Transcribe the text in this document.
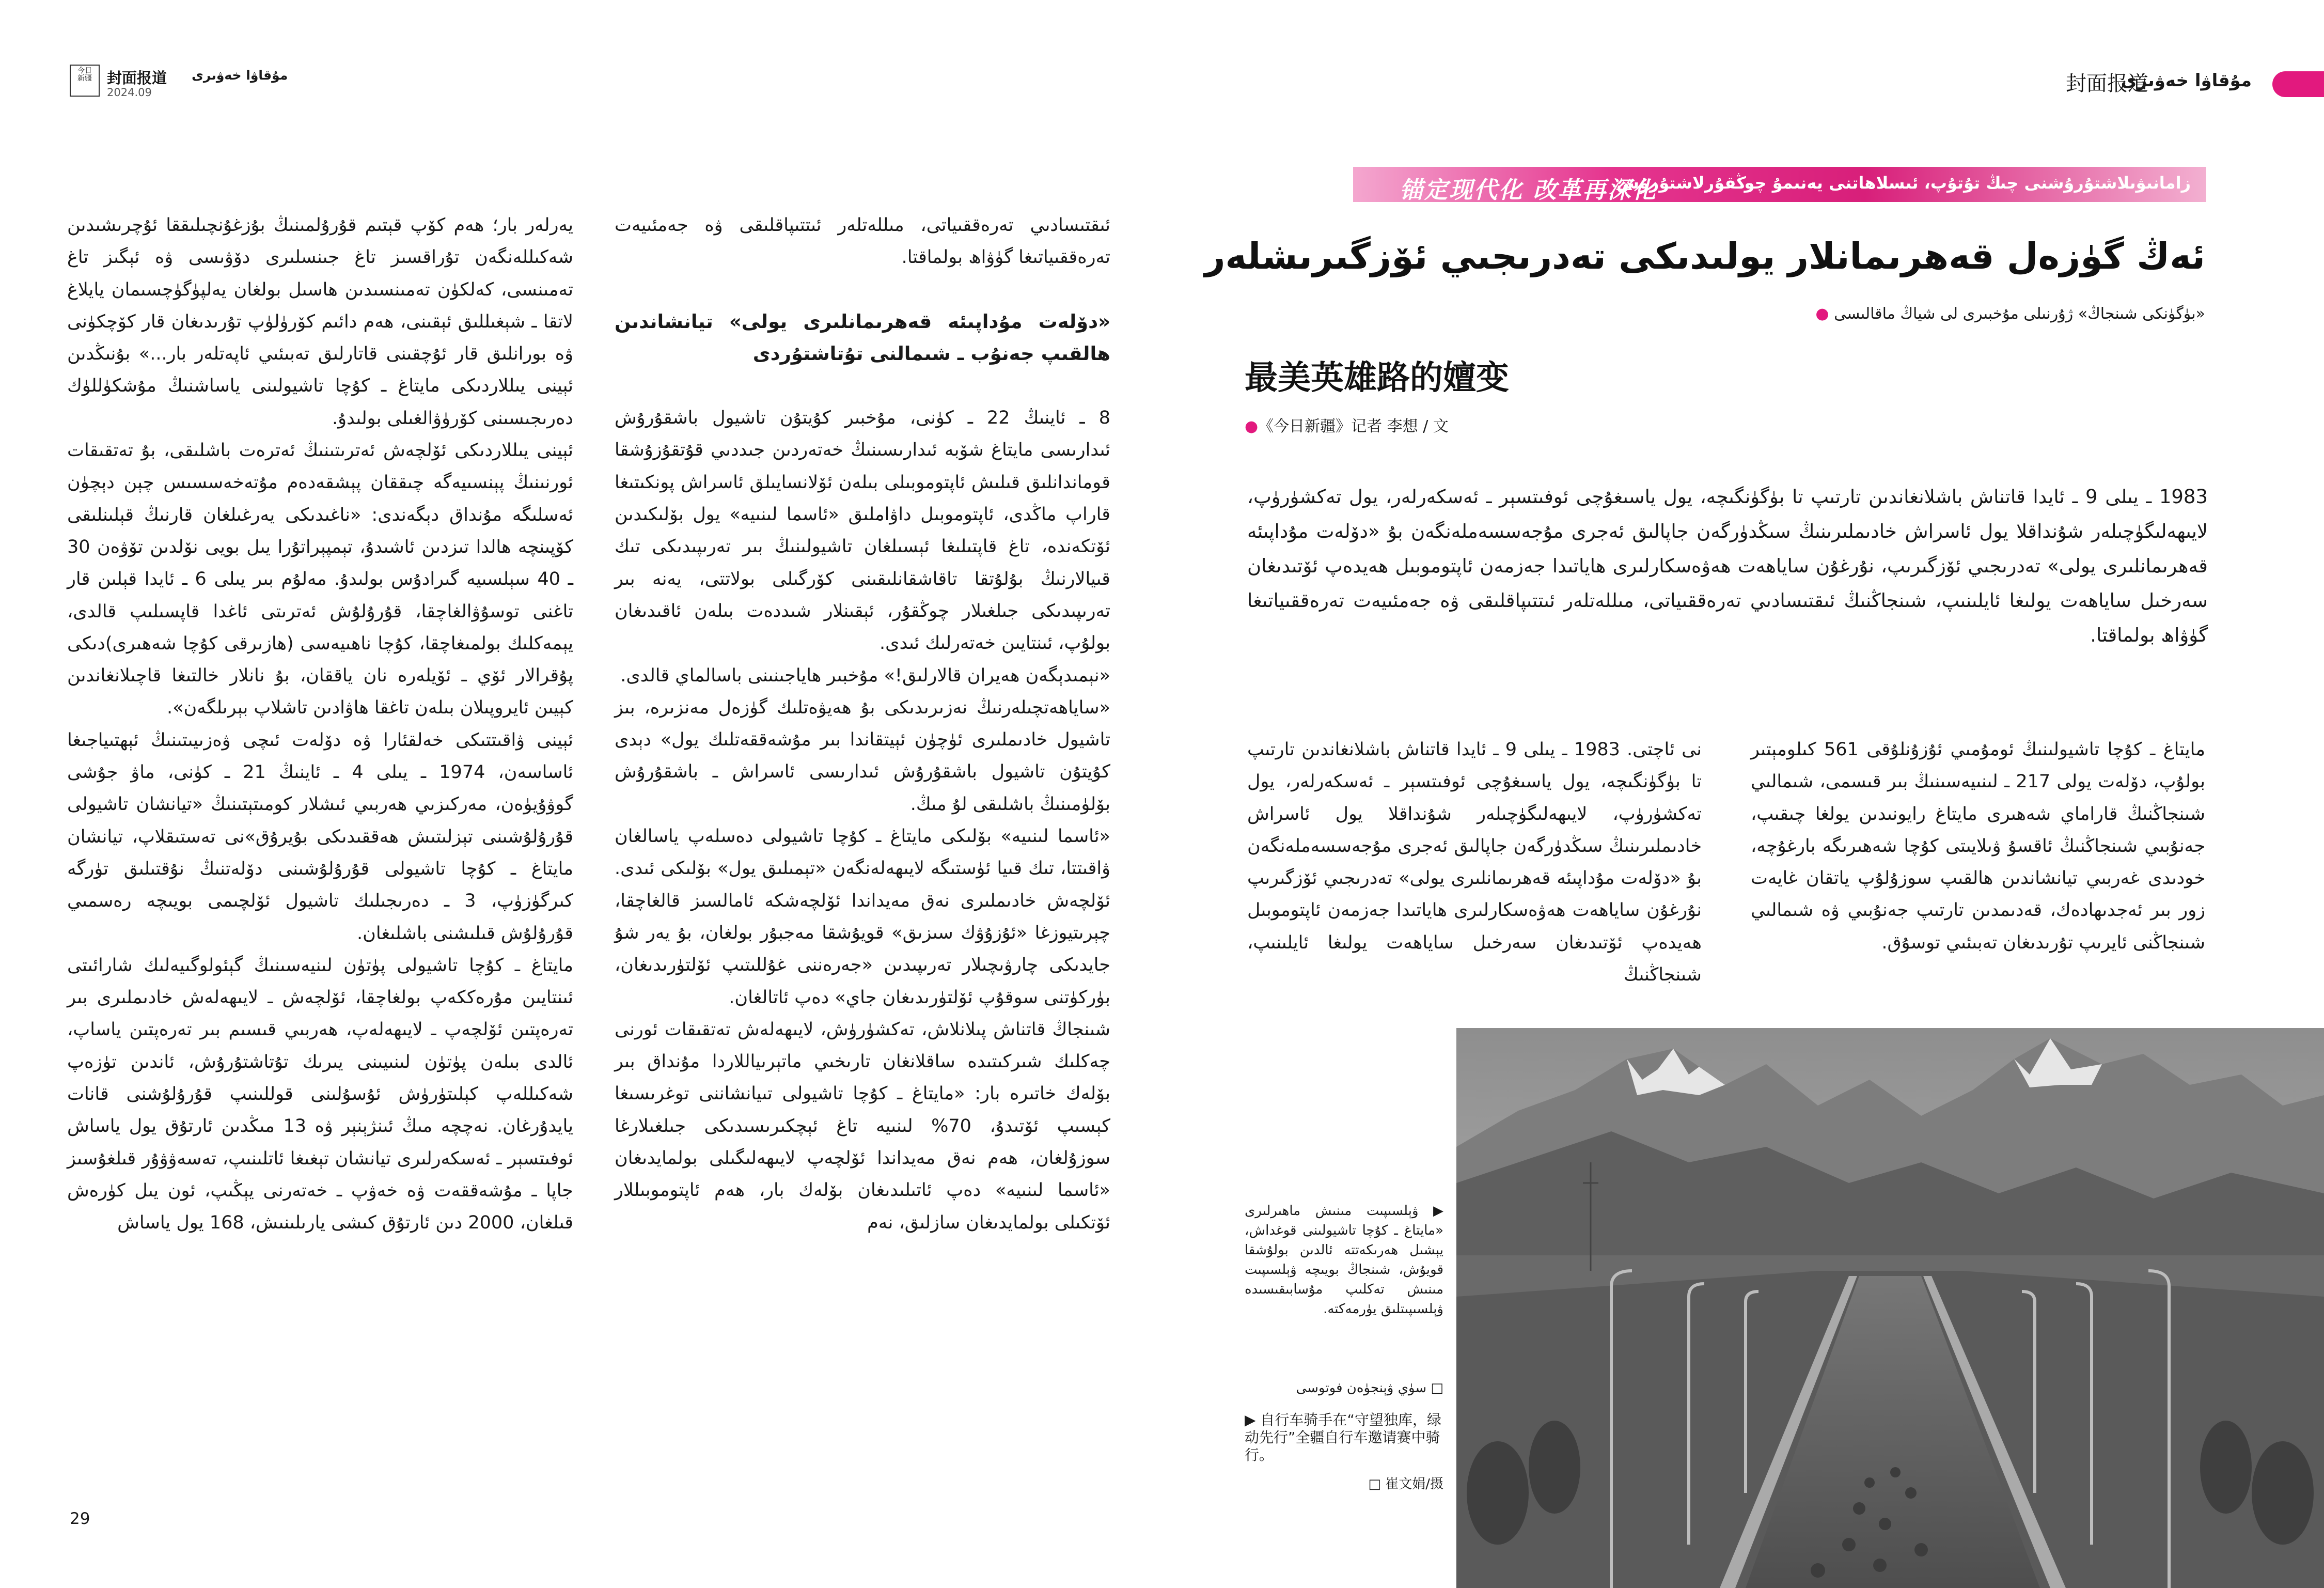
今日
新疆	封面报道 مۇقاۋا خەۋىرى
2024.09	封面报道
مۇقاۋا خەۋىرى
锚定现代化 改革再深化
زامانىۋىلاشتۇرۇشنى چىڭ تۇتۇپ، ئىسلاھاتنى يەنىمۇ چوڭقۇرلاشتۇرۇش
ئەڭ گۈزەل قەھرىمانلار يولىدىكى تەدرىجىي ئۆزگىرىشلەر
«بۈگۈنكى شىنجاڭ» ژۇرنىلى مۇخبىرى لى شياڭ ماقالىسى ●
最美英雄路的嬗变
●《今日新疆》记者 李想 / 文

1983 ـ يىلى 9 ـ ئايدا قاتناش باشلانغاندىن تارتىپ تا بۈگۈنگىچە، يول ياسىغۇچى ئوفىتسېر ـ ئەسكەرلەر، يول تەكشۈرۈپ، لايىھەلىگۈچىلەر شۇنداقلا يول ئاسراش خادىملىرىنىڭ سىڭدۈرگەن جاپالىق ئەجرى مۇجەسسەملەنگەن بۇ «دۆلەت مۇداپىئە قەھرىمانلىرى يولى» تەدرىجىي ئۆزگىرىپ، نۇرغۇن ساياھەت ھەۋەسكارلىرى ھاياتىدا جەزمەن ئاپتوموبىل ھەيدەپ ئۆتىدىغان سەرخىل ساياھەت يولىغا ئايلىنىپ، شىنجاڭنىڭ ئىقتىسادىي تەرەققىياتى، مىللەتلەر ئىتتىپاقلىقى ۋە جەمئىيەت تەرەققىياتىغا گۈۋاھ بولماقتا.

مايتاغ ـ كۇچا تاشيولىنىڭ ئومۇمىي ئۇزۇنلۇقى 561 كىلومېتىر بولۇپ، دۆلەت يولى 217 ـ لىنىيەسىنىڭ بىر قىسمى، شىمالىي شىنجاڭنىڭ قاراماي شەھىرى مايتاغ رايونىدىن يولغا چىقىپ، جەنۇبىي شىنجاڭنىڭ ئاقسۇ ۋىلايىتى كۇچا شەھىرىگە بارغۇچە، خودىدى غەربىي تيانشاندىن ھالقىپ سوزۇلۇپ ياتقان غايەت زور بىر ئەجدىھادەك، قەدىمدىن تارتىپ جەنۇبىي ۋە شىمالىي شىنجاڭنى ئايرىپ تۇرىدىغان تەبىئىي توسۇق.

نى ئاچتى. 1983 ـ يىلى 9 ـ ئايدا قاتناش باشلانغاندىن تارتىپ تا بۈگۈنگىچە، يول ياسىغۇچى ئوفىتسېر ـ ئەسكەرلەر، يول تەكشۈرۈپ، لايىھەلىگۈچىلەر شۇنداقلا يول ئاسراش خادىملىرىنىڭ سىڭدۈرگەن جاپالىق ئەجرى مۇجەسسەملەنگەن بۇ «دۆلەت مۇداپىئە قەھرىمانلىرى يولى» تەدرىجىي ئۆزگىرىپ نۇرغۇن ساياھەت ھەۋەسكارلىرى ھاياتىدا جەزمەن ئاپتوموبىل ھەيدەپ ئۆتىدىغان سەرخىل ساياھەت يولىغا ئايلىنىپ، شىنجاڭنىڭ

ئىقتىسادىي تەرەققىياتى، مىللەتلەر ئىتتىپاقلىقى ۋە جەمئىيەت تەرەققىياتىغا گۈۋاھ بولماقتا.

«دۆلەت مۇداپىئە قەھرىمانلىرى يولى» تيانشاندىن ھالقىپ جەنۇب ـ شىمالنى تۇتاشتۇردى

8 ـ ئاينىڭ 22 ـ كۈنى، مۇخبىر كۇيتۇن تاشيول باشقۇرۇش ئىدارىسى مايتاغ شۆبە ئىدارىسىنىڭ خەتەردىن جىددىي قۇتقۇزۇشقا قوماندانلىق قىلىش ئاپتوموبىلى بىلەن ئۆلانسايىلق ئاسراش پونكىتىغا قاراپ ماڭدى، ئاپتوموبىل داۋاملىق «ئاسما لىنىيە» يول بۆلىكىدىن ئۆتكەندە، تاغ قاپتىلىغا ئېسىلغان تاشيولىنىڭ بىر تەرىپىدىكى تىك قىيالارنىڭ بۇلۇتقا تاقاشقانلىقىنى كۆرگىلى بولاتتى، يەنە بىر تەرىپىدىكى جىلغىلار چوڭقۇر، ئېقىنلار شىددەت بىلەن ئاقىدىغان بولۇپ، ئىنتايىن خەتەرلىك ئىدى.

«نېمىدېگەن ھەيران قالارلىق!» مۇخبىر ھاياجىنىنى باسالماي قالدى.

«ساياھەتچىلەرنىڭ نەزىرىدىكى بۇ ھەيۋەتلىك گۈزەل مەنزىرە، بىز تاشيول خادىملىرى ئۈچۈن ئېيتقاندا بىر مۇشەققەتلىك يول» دېدى كۇيتۇن تاشيول باشقۇرۇش ئىدارىسى ئاسراش ـ باشقۇرۇش بۆلۈمىنىڭ باشلىقى لۇ مىڭ.

«ئاسما لىنىيە» بۆلىكى مايتاغ ـ كۇچا تاشيولى دەسلەپ ياسالغان ۋاقىتتا، تىك قىيا ئۈستىگە لايىھەلەنگەن «تېمىلىق يول» بۆلىكى ئىدى. ئۆلچەش خادىملىرى نەق مەيداندا ئۆلچەشكە ئامالسىز قالغاچقا، چېرىتيوزغا «ئۇزۇۋك سىزىق» قويۇشقا مەجبۇر بولغان، بۇ يەر شۇ جايدىكى چارۋىچىلار تەرىپىدىن «جەرەننى غۇللىتىپ ئۆلتۈرىدىغان، بۈركۈتنى سوقۇپ ئۆلتۈرىدىغان جاي» دەپ ئاتالغان.

شىنجاڭ قاتناش پىلانلاش، تەكشۈرۈش، لايىھەلەش تەتقىقات ئورنى چەكلىك شىركىتىدە ساقلانغان تارىخىي ماتېرىياللاردا مۇنداق بىر بۆلەك خاتىرە بار: «مايتاغ ـ كۇچا تاشيولى تىيانشاننى توغرىسىغا كېسىپ ئۆتىدۇ، 70% لىنىيە تاغ ئېچكىرىسىدىكى جىلغىلارغا سوزۇلغان، ھەم نەق مەيداندا ئۆلچەپ لايىھەلىگىلى بولمايدىغان «ئاسما لىنىيە» دەپ ئاتىلىدىغان بۆلەك بار، ھەم ئاپتوموبىللار ئۆتكىلى بولمايدىغان سازلىق، نەم

يەرلەر بار؛ ھەم كۆپ قېتىم قۇرۇلمىنىڭ بۇزغۇنچىلىققا ئۇچرىشىدىن شەكىللەنگەن تۇراقسىز تاغ جىنسلىرى دۆۋىسى ۋە ئېگىز تاغ تەمىنسى، كەلكۈن تەمىنسىدىن ھاسىل بولغان يەلپۈگۈچسىمان يايلاغ لاتقا ـ شېغىللىق ئېقىنى، ھەم دائىم كۆرۈلۈپ تۇرىدىغان قار كۆچكۈنى ۋە بورانلىق قار ئۇچقىنى قاتارلىق تەبىئىي ئاپەتلەر بار...» بۇنىڭدىن ئېينى يىللاردىكى مايتاغ ـ كۇچا تاشيولىنى ياساشنىڭ مۇشكۈللۈك دەرىجىسىنى كۆرۈۋالغىلى بولىدۇ.

ئېينى يىللاردىكى ئۆلچەش ئەترىتىنىڭ ئەترەت باشلىقى، بۇ تەتقىقات ئورنىنىڭ پېنسىيەگە چىققان پېشقەدەم مۇتەخەسسىس چېن دېچۈن ئەسلىگە مۇنداق دېگەندى: «ناغىدىكى يەرغىلغان قارنىڭ قېلىنلىقى كۆپىنچە ھالدا تىزدىن ئاشىدۇ، تېمپېراتۇرا يىل بويى نۆلدىن تۆۋەن 30 ـ 40 سېلسىيە گىرادۇس بولىدۇ. مەلۇم بىر يىلى 6 ـ ئايدا قېلىن قار تاغنى توسۇۋالغاچقا، قۇرۇلۇش ئەترىتى ئاغدا قاپسىلىپ قالدى، يېمەكلىك بولمىغاچقا، كۇچا ناھىيەسى (ھازىرقى كۇچا شەھىرى)دىكى پۇقرالار ئۆي ـ ئۆيلەرە نان ياققان، بۇ نانلار خالتىغا قاچىلانغاندىن كېيىن ئايروپىلان بىلەن تاغقا ھاۋادىن تاشلاپ بېرىلگەن».

ئېينى ۋاقىتتىكى خەلقئارا ۋە دۆلەت ئىچى ۋەزىيىتىنىڭ ئېھتىياجىغا ئاساسەن، 1974 ـ يىلى 4 ـ ئاينىڭ 21 ـ كۈنى، ماۋ جۇشى گوۋۇيۈەن، مەركىزىي ھەربىي ئىشلار كومىتېتىنىڭ «تيانشان تاشيولى قۇرۇلۇشىنى تېزلىتىش ھەققىدىكى بۇيرۇق»نى تەستىقلاپ، تيانشان مايتاغ ـ كۇچا تاشيولى قۇرۇلۇشىنى دۆلەتنىڭ نۇقتىلىق تۈرگە كىرگۈزۈپ، 3 ـ دەرىجىلىك تاشيول ئۆلچىمى بويىچە رەسمىي قۇرۇلۇش قىلىشنى باشلىغان.

مايتاغ ـ كۇچا تاشيولى پۈتۈن لىنيەسىنىڭ گېئولوگىيەلىك شارائىتى ئىنتايىن مۇرەككەپ بولغاچقا، ئۆلچەش ـ لايىھەلەش خادىملىرى بىر تەرەپتىن ئۆلچەپ ـ لايىھەلەپ، ھەربىي قىسىم بىر تەرەپتىن ياساپ، ئالدى بىلەن پۈتۈن لىنىيىنى يىرىك تۇتاشتۇرۇش، ئاندىن تۈزەپ شەكىللەپ كېلىتۈرۈش ئۇسۇلىنى قوللىنىپ قۇرۇلۇشنى قانات يايدۇرغان. نەچچە مىڭ ئىنژېنېر ۋە 13 مىڭدىن ئارتۇق يول ياساش ئوفىتسېر ـ ئەسكەرلىرى تيانشان تېغىغا ئاتلىنىپ، تەسەۋۋۇر قىلغۇسىز جاپا ـ مۇشەققەت ۋە خەۋپ ـ خەتەرنى يېڭىپ، ئون يىل كۈرەش قىلغان، 2000 دىن ئارتۇق كىشى يارىلىنىش، 168 يول ياساش

▶ ۋېلسىپىت مىنىش ماھىرلىرى «مايتاغ ـ كۇچا تاشيولىنى قوغداش، يېشىل ھەرىكەتتە ئالدىن بولۇشقا قويۇش، شىنجاڭ بويىچە ۋېلسىپىت مىنىش تەكلىپ مۇسابىقىسىدە ۋېلسىپىتلىق يۈرمەكتە.
□ سۈي ۋېنجۈەن فوتوسى
▶ 自行车骑手在“守望独库，绿动先行”全疆自行车邀请赛中骑行。
□ 崔文娟/摄
29
